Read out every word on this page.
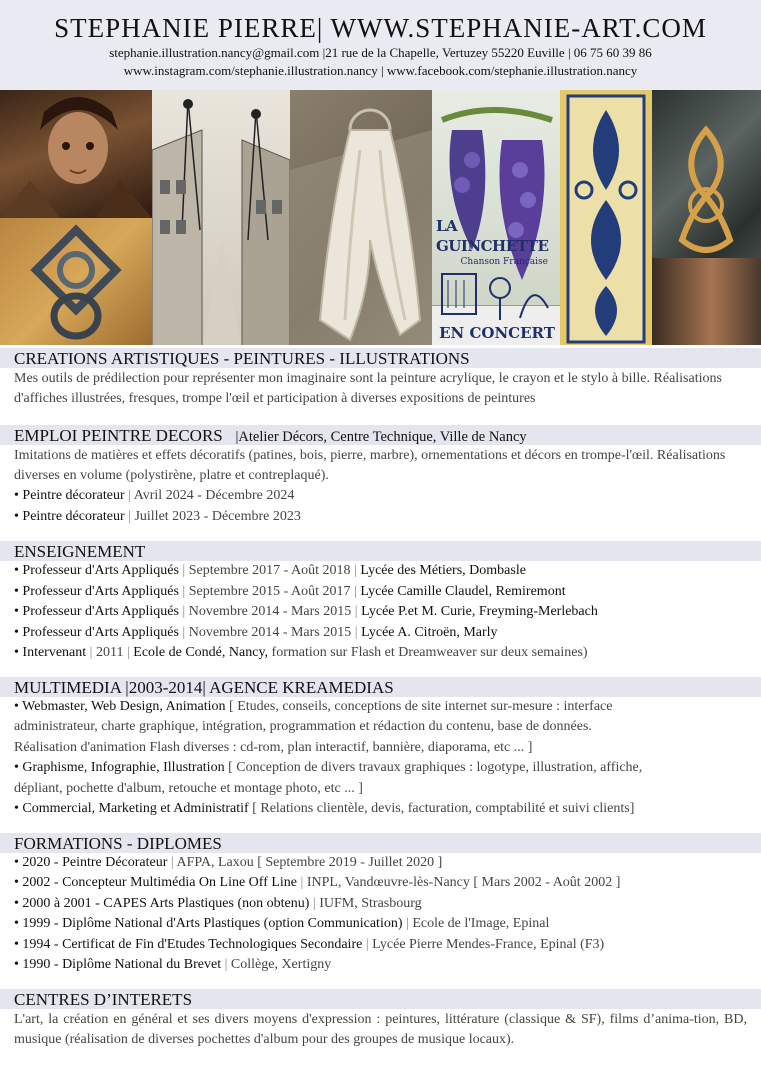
STEPHANIE PIERRE| WWW.STEPHANIE-ART.COM
stephanie.illustration.nancy@gmail.com |21 rue de la Chapelle, Vertuzey 55220 Euville | 06 75 60 39 86
www.instagram.com/stephanie.illustration.nancy | www.facebook.com/stephanie.illustration.nancy
LA GUINCHETTE
Chanson Française
EN CONCERT
CREATIONS ARTISTIQUES - PEINTURES - ILLUSTRATIONS
Mes outils de prédilection pour représenter mon imaginaire sont la peinture acrylique, le crayon et le stylo à bille. Réalisations d'affiches illustrées, fresques, trompe l'œil et participation à diverses expositions de peintures
EMPLOI PEINTRE DECORS |Atelier Décors, Centre Technique, Ville de Nancy
Imitations de matières et effets décoratifs (patines, bois, pierre, marbre), ornementations et décors en trompe-l'œil. Réalisations diverses en volume (polystirène, platre et contreplaqué).
• Peintre décorateur | Avril 2024 - Décembre 2024
• Peintre décorateur | Juillet 2023 - Décembre 2023
ENSEIGNEMENT
• Professeur d'Arts Appliqués | Septembre 2017 - Août 2018 | Lycée des Métiers, Dombasle
• Professeur d'Arts Appliqués | Septembre 2015 - Août 2017 | Lycée Camille Claudel, Remiremont
• Professeur d'Arts Appliqués | Novembre 2014 - Mars 2015 | Lycée P.et M. Curie, Freyming-Merlebach
• Professeur d'Arts Appliqués | Novembre 2014 - Mars 2015 | Lycée A. Citroën, Marly
• Intervenant | 2011 | Ecole de Condé, Nancy, formation sur Flash et Dreamweaver sur deux semaines)
MULTIMEDIA |2003-2014| AGENCE KREAMEDIAS
• Webmaster, Web Design, Animation [ Etudes, conseils, conceptions de site internet sur-mesure : interface
administrateur, charte graphique, intégration, programmation et rédaction du contenu, base de données.
Réalisation d'animation Flash diverses : cd-rom, plan interactif, bannière, diaporama, etc ... ]
• Graphisme, Infographie, Illustration [ Conception de divers travaux graphiques : logotype, illustration, affiche,
dépliant, pochette d'album, retouche et montage photo, etc ... ]
• Commercial, Marketing et Administratif [ Relations clientèle, devis, facturation, comptabilité et suivi clients]
FORMATIONS - DIPLOMES
• 2020 - Peintre Décorateur | AFPA, Laxou [ Septembre 2019 - Juillet 2020 ]
• 2002 - Concepteur Multimédia On Line Off Line | INPL, Vandœuvre-lès-Nancy [ Mars 2002 - Août 2002 ]
• 2000 à 2001 - CAPES Arts Plastiques (non obtenu) | IUFM, Strasbourg
• 1999 - Diplôme National d'Arts Plastiques (option Communication) | Ecole de l'Image, Epinal
• 1994 - Certificat de Fin d'Etudes Technologiques Secondaire | Lycée Pierre Mendes-France, Epinal (F3)
• 1990 - Diplôme National du Brevet | Collège, Xertigny
CENTRES D’INTERETS
L'art, la création en général et ses divers moyens d'expression : peintures, littérature (classique & SF), films d’anima-tion, BD, musique (réalisation de diverses pochettes d'album pour des groupes de musique locaux).
